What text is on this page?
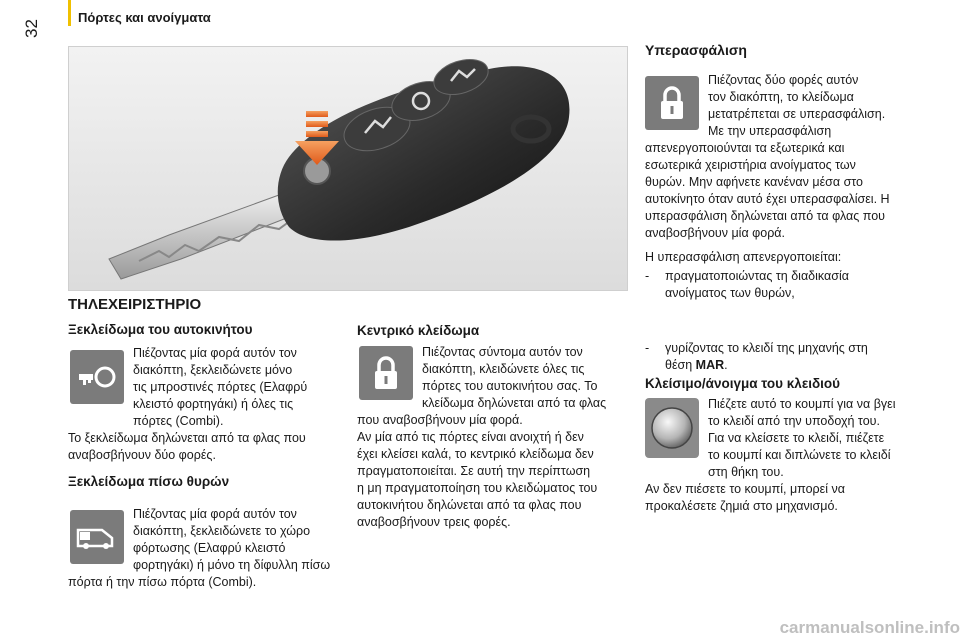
32
Πόρτες και ανοίγματα
ΤΗΛΕΧΕΙΡΙΣΤΗΡΙΟ
Ξεκλείδωμα του αυτοκινήτου
Πιέζοντας μία φορά αυτόν τον
διακόπτη, ξεκλειδώνετε μόνο
τις μπροστινές πόρτες (Ελαφρύ
κλειστό φορτηγάκι) ή όλες τις
πόρτες (Combi).
Το ξεκλείδωμα δηλώνεται από τα φλας που
αναβοσβήνουν δύο φορές.
Ξεκλείδωμα πίσω θυρών
Πιέζοντας μία φορά αυτόν τον
διακόπτη, ξεκλειδώνετε το χώρο
φόρτωσης (Ελαφρύ κλειστό
φορτηγάκι) ή μόνο τη δίφυλλη πίσω
πόρτα ή την πίσω πόρτα (Combi).
Κεντρικό κλείδωμα
Πιέζοντας σύντομα αυτόν τον
διακόπτη, κλειδώνετε όλες τις
πόρτες του αυτοκινήτου σας. Το
κλείδωμα δηλώνεται από τα φλας
που αναβοσβήνουν μία φορά.
Αν μία από τις πόρτες είναι ανοιχτή ή δεν
έχει κλείσει καλά, το κεντρικό κλείδωμα δεν
πραγματοποιείται. Σε αυτή την περίπτωση
η μη πραγματοποίηση του κλειδώματος του
αυτοκινήτου δηλώνεται από τα φλας που
αναβοσβήνουν τρεις φορές.
Υπερασφάλιση
Πιέζοντας δύο φορές αυτόν
τον διακόπτη, το κλείδωμα
μετατρέπεται σε υπερασφάλιση.
Με την υπερασφάλιση
απενεργοποιούνται τα εξωτερικά και
εσωτερικά χειριστήρια ανοίγματος των
θυρών. Μην αφήνετε κανέναν μέσα στο
αυτοκίνητο όταν αυτό έχει υπερασφαλίσει. Η
υπερασφάλιση δηλώνεται από τα φλας που
αναβοσβήνουν μία φορά.
Η υπερασφάλιση απενεργοποιείται:
- πραγματοποιώντας τη διαδικασία
ανοίγματος των θυρών,
- γυρίζοντας το κλειδί της μηχανής στη
θέση MAR.
Κλείσιμο/άνοιγμα του κλειδιού
Πιέζετε αυτό το κουμπί για να βγει
το κλειδί από την υποδοχή του.
Για να κλείσετε το κλειδί, πιέζετε
το κουμπί και διπλώνετε το κλειδί
στη θήκη του.
Αν δεν πιέσετε το κουμπί, μπορεί να
προκαλέσετε ζημιά στο μηχανισμό.
carmanualsonline.info
